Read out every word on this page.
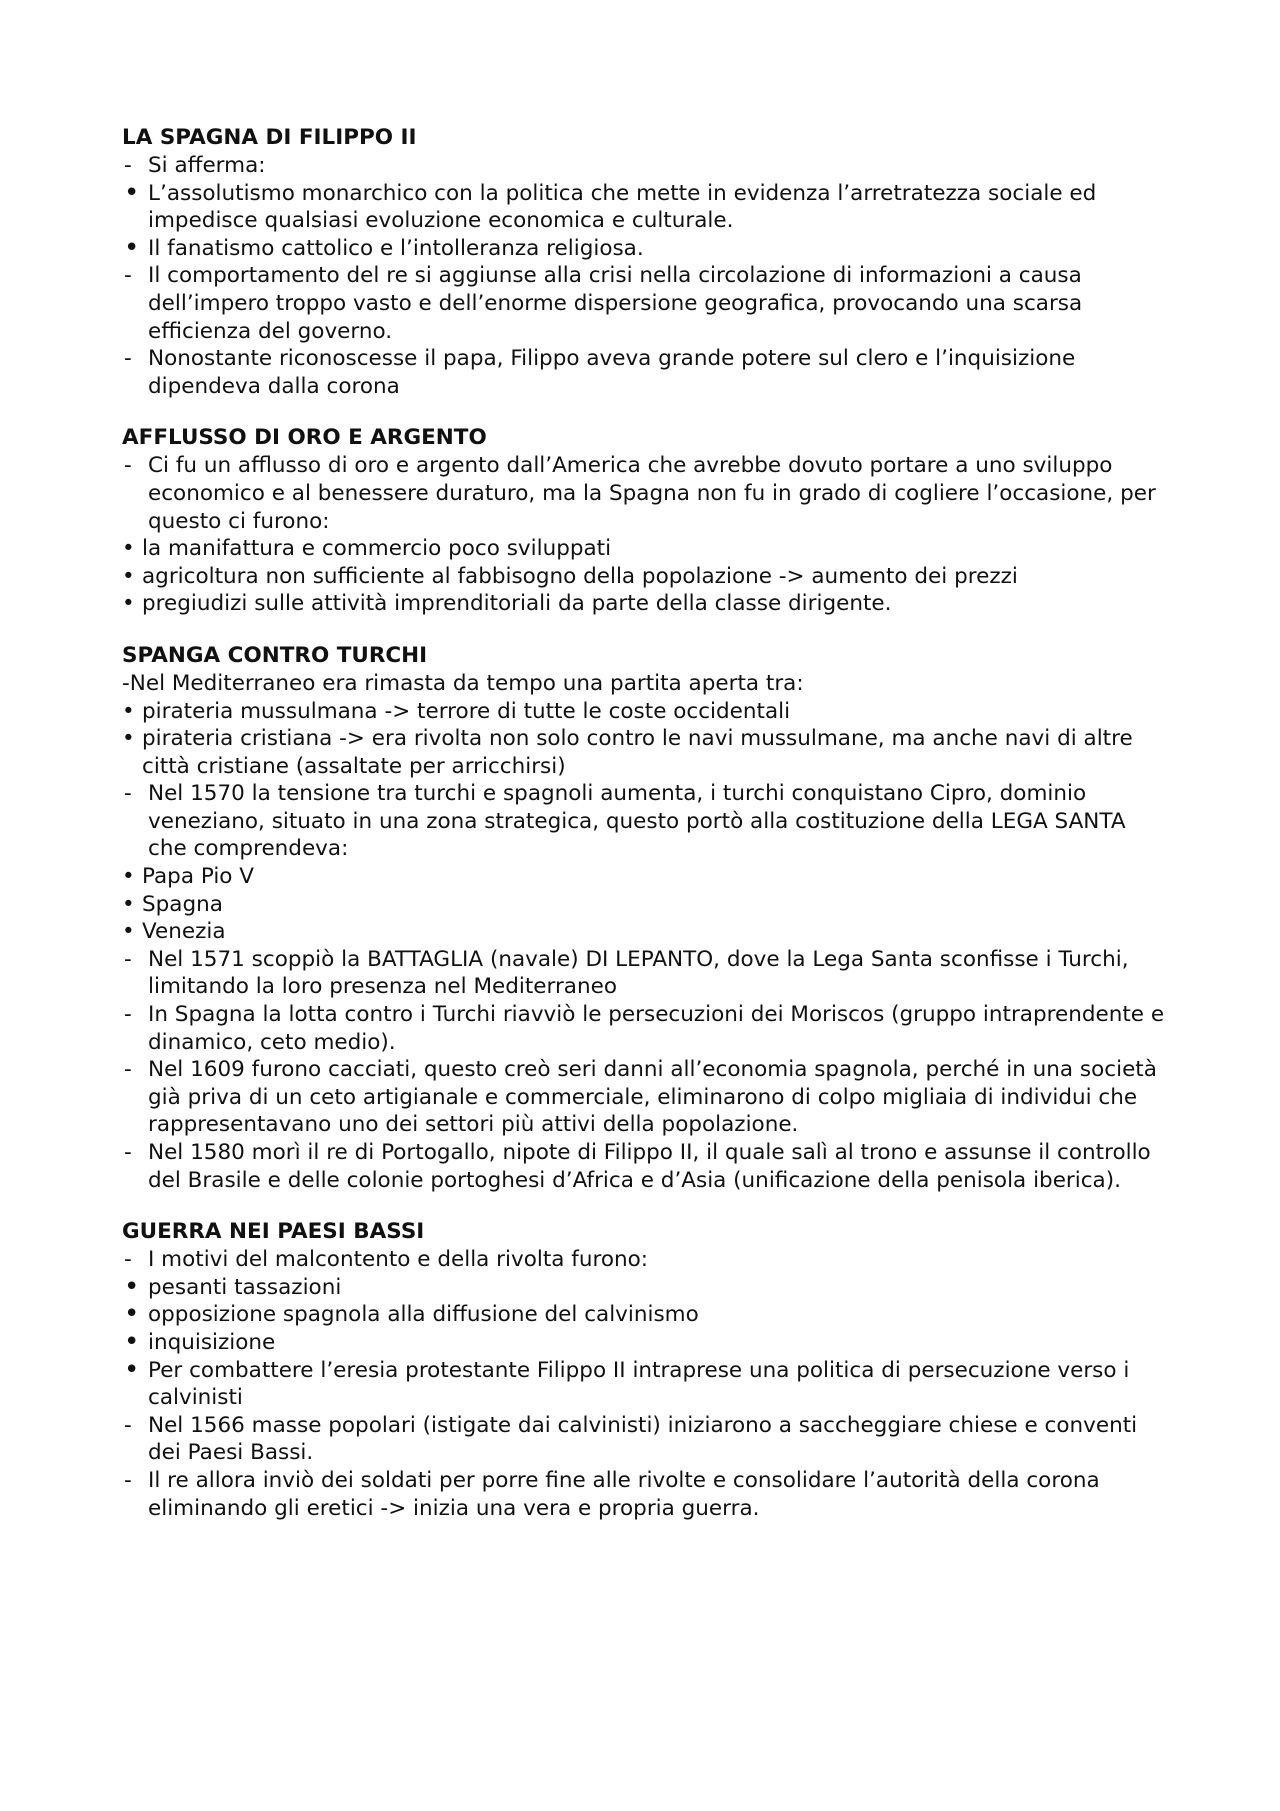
LA SPAGNA DI FILIPPO II
- Si afferma:
• L’assolutismo monarchico con la politica che mette in evidenza l’arretratezza sociale ed impedisce qualsiasi evoluzione economica e culturale.
• Il fanatismo cattolico e l’intolleranza religiosa.
- Il comportamento del re si aggiunse alla crisi nella circolazione di informazioni a causa dell’impero troppo vasto e dell’enorme dispersione geografica, provocando una scarsa efficienza del governo.
- Nonostante riconoscesse il papa, Filippo aveva grande potere sul clero e l’inquisizione dipendeva dalla corona
AFFLUSSO DI ORO E ARGENTO
- Ci fu un afflusso di oro e argento dall’America che avrebbe dovuto portare a uno sviluppo economico e al benessere duraturo, ma la Spagna non fu in grado di cogliere l’occasione, per questo ci furono:
• la manifattura e commercio poco sviluppati
• agricoltura non sufficiente al fabbisogno della popolazione -> aumento dei prezzi
• pregiudizi sulle attività imprenditoriali da parte della classe dirigente.
SPANGA CONTRO TURCHI
-Nel Mediterraneo era rimasta da tempo una partita aperta tra:
• pirateria mussulmana -> terrore di tutte le coste occidentali
• pirateria cristiana -> era rivolta non solo contro le navi mussulmane, ma anche navi di altre città cristiane (assaltate per arricchirsi)
- Nel 1570 la tensione tra turchi e spagnoli aumenta, i turchi conquistano Cipro, dominio veneziano, situato in una zona strategica, questo portò alla costituzione della LEGA SANTA che comprendeva:
• Papa Pio V
• Spagna
• Venezia
- Nel 1571 scoppiò la BATTAGLIA (navale) DI LEPANTO, dove la Lega Santa sconfisse i Turchi, limitando la loro presenza nel Mediterraneo
- In Spagna la lotta contro i Turchi riavviò le persecuzioni dei Moriscos (gruppo intraprendente e dinamico, ceto medio).
- Nel 1609 furono cacciati, questo creò seri danni all’economia spagnola, perché in una società già priva di un ceto artigianale e commerciale, eliminarono di colpo migliaia di individui che rappresentavano uno dei settori più attivi della popolazione.
- Nel 1580 morì il re di Portogallo, nipote di Filippo II, il quale salì al trono e assunse il controllo del Brasile e delle colonie portoghesi d’Africa e d’Asia (unificazione della penisola iberica).
GUERRA NEI PAESI BASSI
- I motivi del malcontento e della rivolta furono:
• pesanti tassazioni
• opposizione spagnola alla diffusione del calvinismo
• inquisizione
• Per combattere l’eresia protestante Filippo II intraprese una politica di persecuzione verso i calvinisti
- Nel 1566 masse popolari (istigate dai calvinisti) iniziarono a saccheggiare chiese e conventi dei Paesi Bassi.
- Il re allora inviò dei soldati per porre fine alle rivolte e consolidare l’autorità della corona eliminando gli eretici -> inizia una vera e propria guerra.
